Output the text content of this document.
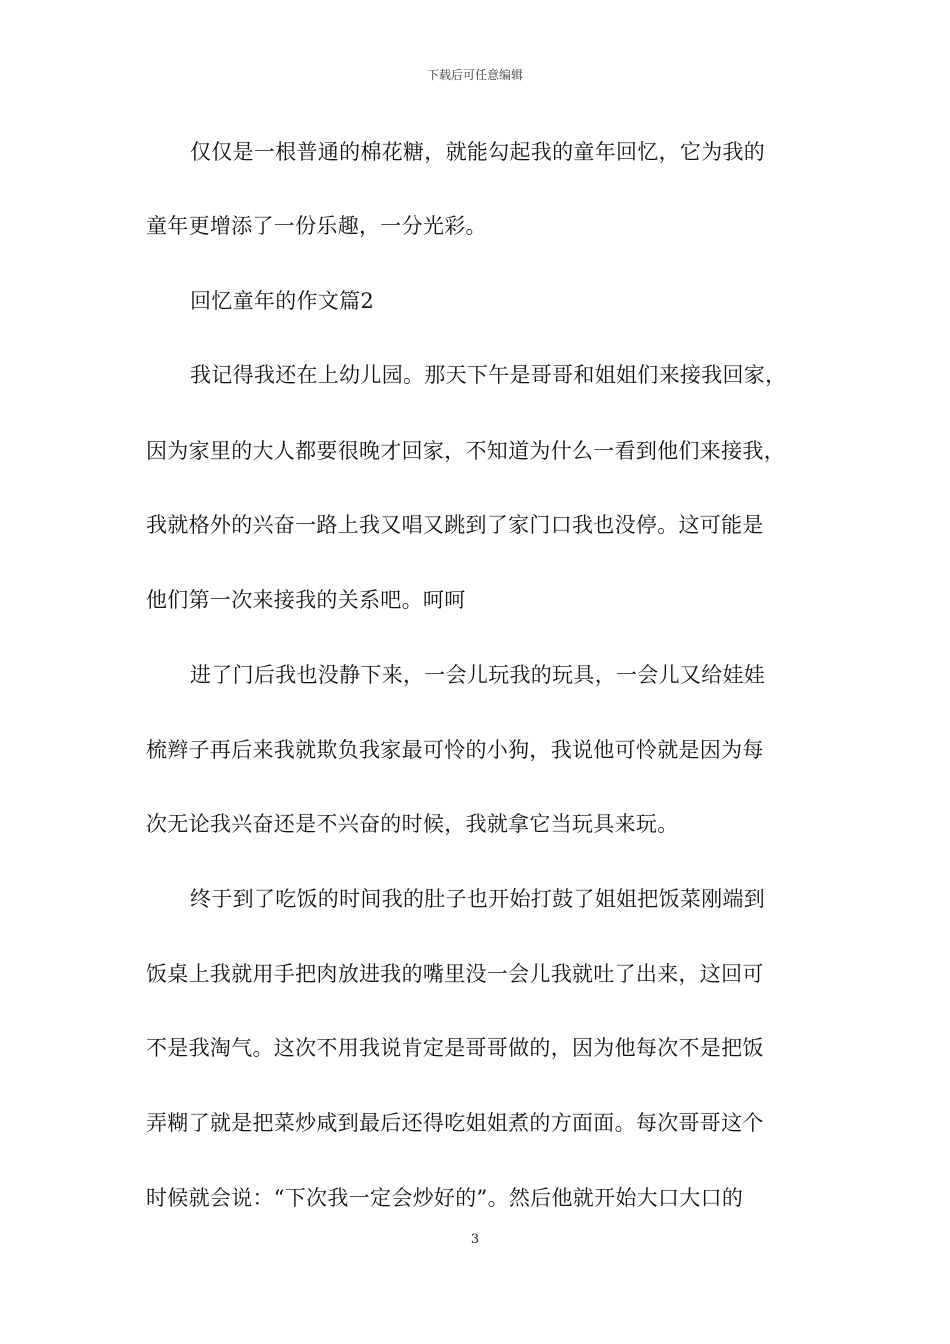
下载后可任意编辑
仅仅是一根普通的棉花糖，就能勾起我的童年回忆，它为我的
童年更增添了一份乐趣，一分光彩。
回忆童年的作文篇2
我记得我还在上幼儿园。那天下午是哥哥和姐姐们来接我回家，
因为家里的大人都要很晚才回家，不知道为什么一看到他们来接我，
我就格外的兴奋一路上我又唱又跳到了家门口我也没停。这可能是
他们第一次来接我的关系吧。呵呵
进了门后我也没静下来，一会儿玩我的玩具，一会儿又给娃娃
梳辫子再后来我就欺负我家最可怜的小狗，我说他可怜就是因为每
次无论我兴奋还是不兴奋的时候，我就拿它当玩具来玩。
终于到了吃饭的时间我的肚子也开始打鼓了姐姐把饭菜刚端到
饭桌上我就用手把肉放进我的嘴里没一会儿我就吐了出来，这回可
不是我淘气。这次不用我说肯定是哥哥做的，因为他每次不是把饭
弄糊了就是把菜炒咸到最后还得吃姐姐煮的方面面。每次哥哥这个
时候就会说：“下次我一定会炒好的”。然后他就开始大口大口的
3
